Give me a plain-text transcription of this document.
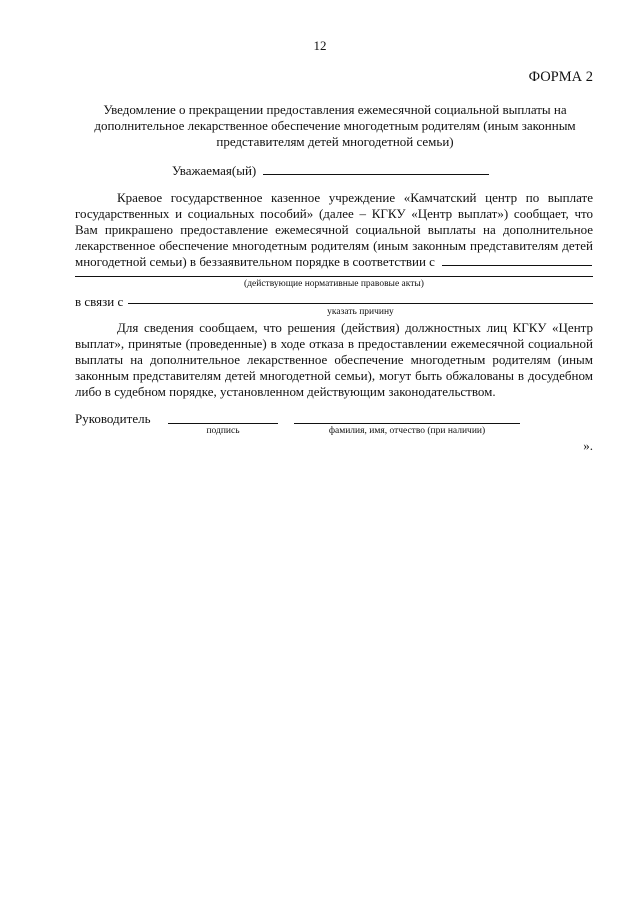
12
ФОРМА 2
Уведомление о прекращении предоставления ежемесячной социальной выплаты на дополнительное лекарственное обеспечение многодетным родителям (иным законным представителям детей многодетной семьи)
Уважаемая(ый)
Краевое государственное казенное учреждение «Камчатский центр по выплате государственных и социальных пособий» (далее – КГКУ «Центр выплат») сообщает, что Вам прикрашено предоставление ежемесячной социальной выплаты на дополнительное лекарственное обеспечение многодетным родителям (иным законным представителям детей многодетной семьи) в беззаявительном порядке в соответствии с
(действующие нормативные правовые акты)
в связи с
указать причину
Для сведения сообщаем, что решения (действия) должностных лиц КГКУ «Центр выплат», принятые (проведенные) в ходе отказа в предоставлении ежемесячной социальной выплаты на дополнительное лекарственное обеспечение многодетным родителям (иным законным представителям детей многодетной семьи), могут быть обжалованы в досудебном либо в судебном порядке, установленном действующим законодательством.
Руководитель
подпись	фамилия, имя, отчество (при наличии)
».
